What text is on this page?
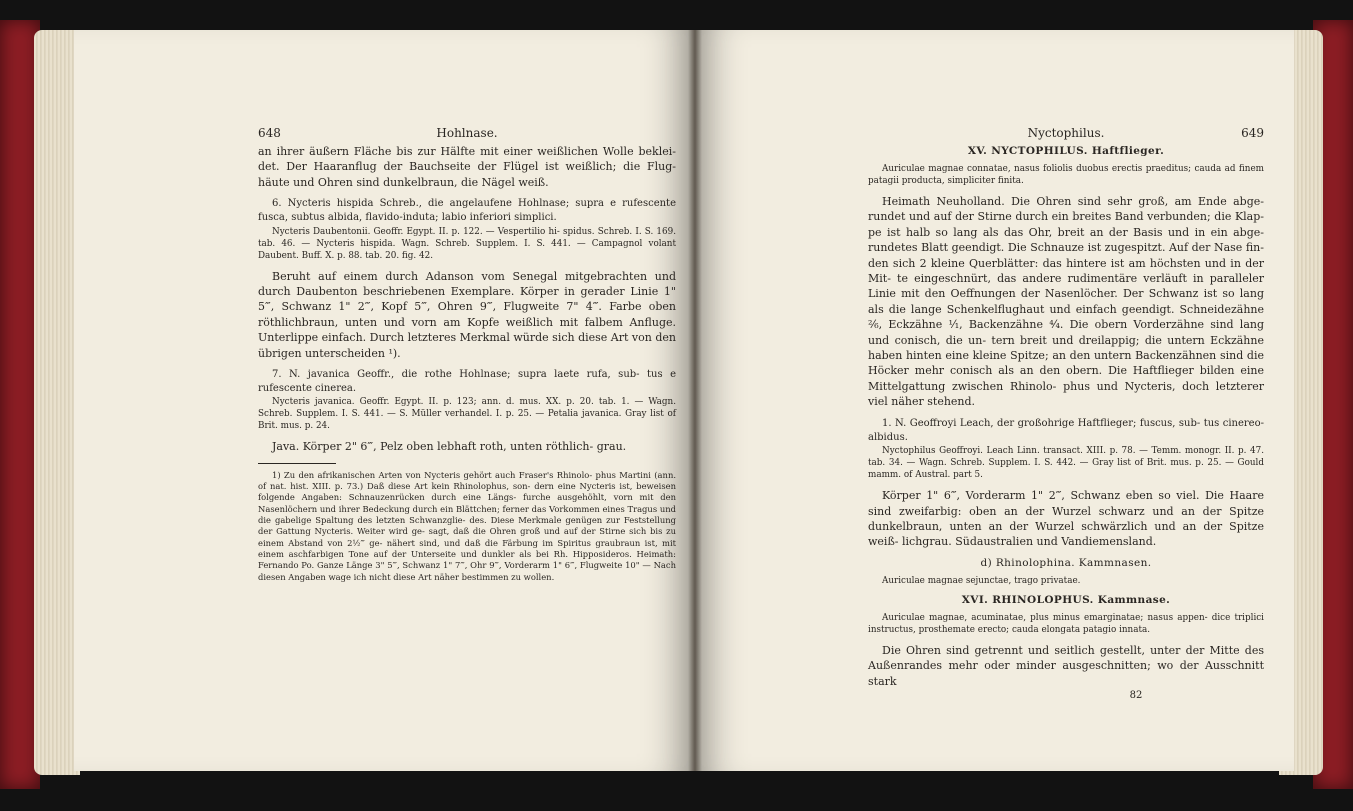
648	Hohlnase.

an ihrer äußern Fläche bis zur Hälfte mit einer weißlichen Wolle beklei- det. Der Haaranflug der Bauchseite der Flügel ist weißlich; die Flug- häute und Ohren sind dunkelbraun, die Nägel weiß.

6. Nycteris hispida Schreb., die angelaufene Hohlnase; supra e rufescente fusca, subtus albida, flavido-induta; labio inferiori simplici.

Nycteris Daubentonii. Geoffr. Egypt. II. p. 122. — Vespertilio hi- spidus. Schreb. I. S. 169. tab. 46. — Nycteris hispida. Wagn. Schreb. Supplem. I. S. 441. — Campagnol volant Daubent. Buff. X. p. 88. tab. 20. fig. 42.

Beruht auf einem durch Adanson vom Senegal mitgebrachten und durch Daubenton beschriebenen Exemplare. Körper in gerader Linie 1" 5‴, Schwanz 1" 2‴, Kopf 5‴, Ohren 9‴, Flugweite 7" 4‴. Farbe oben röthlichbraun, unten und vorn am Kopfe weißlich mit falbem Anfluge. Unterlippe einfach. Durch letzteres Merkmal würde sich diese Art von den übrigen unterscheiden ¹).

7. N. javanica Geoffr., die rothe Hohlnase; supra laete rufa, sub- tus e rufescente cinerea.

Nycteris javanica. Geoffr. Egypt. II. p. 123; ann. d. mus. XX. p. 20. tab. 1. — Wagn. Schreb. Supplem. I. S. 441. — S. Müller verhandel. I. p. 25. — Petalia javanica. Gray list of Brit. mus. p. 24.

Java. Körper 2" 6‴, Pelz oben lebhaft roth, unten röthlich- grau.

1) Zu den afrikanischen Arten von Nycteris gehört auch Fraser's Rhinolo- phus Martini (ann. of nat. hist. XIII. p. 73.) Daß diese Art kein Rhinolophus, son- dern eine Nycteris ist, beweisen folgende Angaben: Schnauzenrücken durch eine Längs- furche ausgehöhlt, vorn mit den Nasenlöchern und ihrer Bedeckung durch ein Blättchen; ferner das Vorkommen eines Tragus und die gabelige Spaltung des letzten Schwanzglie- des. Diese Merkmale genügen zur Feststellung der Gattung Nycteris. Weiter wird ge- sagt, daß die Ohren groß und auf der Stirne sich bis zu einem Abstand von 2½‴ ge- nähert sind, und daß die Färbung im Spiritus graubraun ist, mit einem aschfarbigen Tone auf der Unterseite und dunkler als bei Rh. Hipposideros. Heimath: Fernando Po. Ganze Länge 3" 5‴, Schwanz 1" 7‴, Ohr 9‴, Vorderarm 1" 6‴, Flugweite 10" — Nach diesen Angaben wage ich nicht diese Art näher bestimmen zu wollen.

Nyctophilus.	649
XV. NYCTOPHILUS. Haftflieger.

Auriculae magnae connatae, nasus foliolis duobus erectis praeditus; cauda ad finem patagii producta, simpliciter finita.

Heimath Neuholland. Die Ohren sind sehr groß, am Ende abge- rundet und auf der Stirne durch ein breites Band verbunden; die Klap- pe ist halb so lang als das Ohr, breit an der Basis und in ein abge- rundetes Blatt geendigt. Die Schnauze ist zugespitzt. Auf der Nase fin- den sich 2 kleine Querblätter: das hintere ist am höchsten und in der Mit- te eingeschnürt, das andere rudimentäre verläuft in paralleler Linie mit den Oeffnungen der Nasenlöcher. Der Schwanz ist so lang als die lange Schenkelflughaut und einfach geendigt. Schneidezähne ²⁄₆, Eckzähne ¹⁄₁, Backenzähne ⁴⁄₄. Die obern Vorderzähne sind lang und conisch, die un- tern breit und dreilappig; die untern Eckzähne haben hinten eine kleine Spitze; an den untern Backenzähnen sind die Höcker mehr conisch als an den obern. Die Haftflieger bilden eine Mittelgattung zwischen Rhinolo- phus und Nycteris, doch letzterer viel näher stehend.

1. N. Geoffroyi Leach, der großohrige Haftflieger; fuscus, sub- tus cinereo-albidus.

Nyctophilus Geoffroyi. Leach Linn. transact. XIII. p. 78. — Temm. monogr. II. p. 47. tab. 34. — Wagn. Schreb. Supplem. I. S. 442. — Gray list of Brit. mus. p. 25. — Gould mamm. of Austral. part 5.

Körper 1" 6‴, Vorderarm 1" 2‴, Schwanz eben so viel. Die Haare sind zweifarbig: oben an der Wurzel schwarz und an der Spitze dunkelbraun, unten an der Wurzel schwärzlich und an der Spitze weiß- lichgrau. Südaustralien und Vandiemensland.

d) Rhinolophina. Kammnasen.

Auriculae magnae sejunctae, trago privatae.

XVI. RHINOLOPHUS. Kammnase.

Auriculae magnae, acuminatae, plus minus emarginatae; nasus appen- dice triplici instructus, prosthemate erecto; cauda elongata patagio innata.

Die Ohren sind getrennt und seitlich gestellt, unter der Mitte des Außenrandes mehr oder minder ausgeschnitten; wo der Ausschnitt stark

82
